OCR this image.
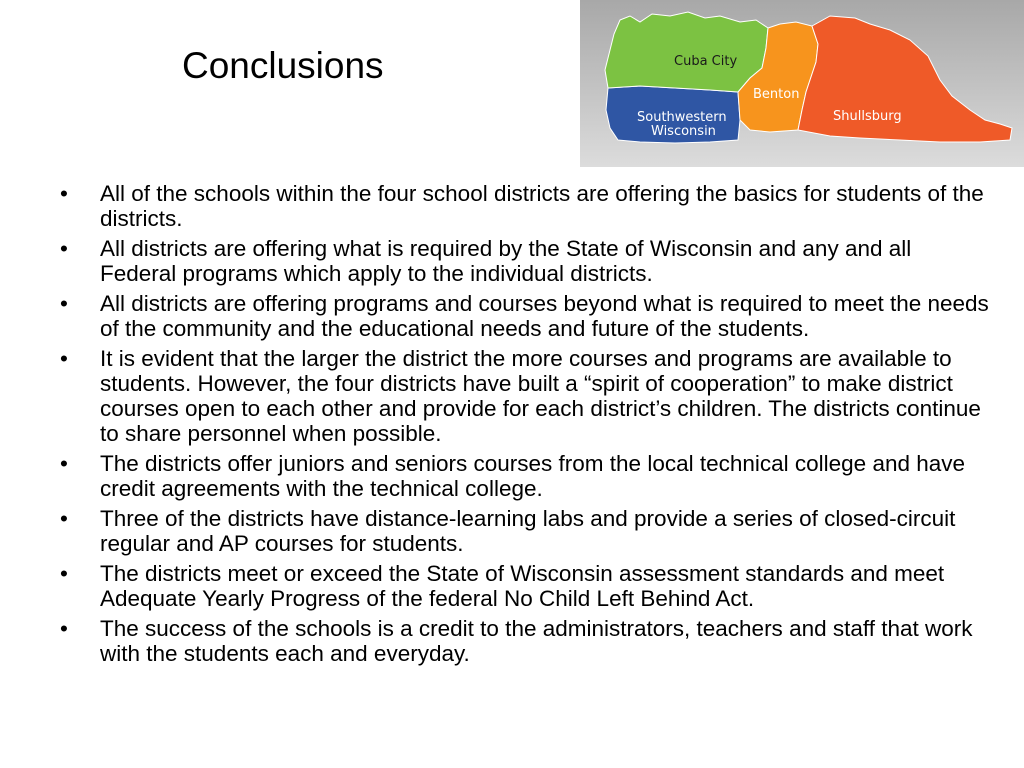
Conclusions	Cuba City
Southwestern
Wisconsin
Benton
Shullsburg
• All of the schools within the four school districts are offering the basics for students of the districts.
• All districts are offering what is required by the State of Wisconsin and any and all Federal programs which apply to the individual districts.
• All districts are offering programs and courses beyond what is required to meet the needs of the community and the educational needs and future of the students.
• It is evident that the larger the district the more courses and programs are available to students. However, the four districts have built a “spirit of cooperation” to make district courses open to each other and provide for each district’s children. The districts continue to share personnel when possible.
• The districts offer juniors and seniors courses from the local technical college and have credit agreements with the technical college.
• Three of the districts have distance-learning labs and provide a series of closed-circuit regular and AP courses for students.
• The districts meet or exceed the State of Wisconsin assessment standards and meet Adequate Yearly Progress of the federal No Child Left Behind Act.
• The success of the schools is a credit to the administrators, teachers and staff that work with the students each and everyday.
